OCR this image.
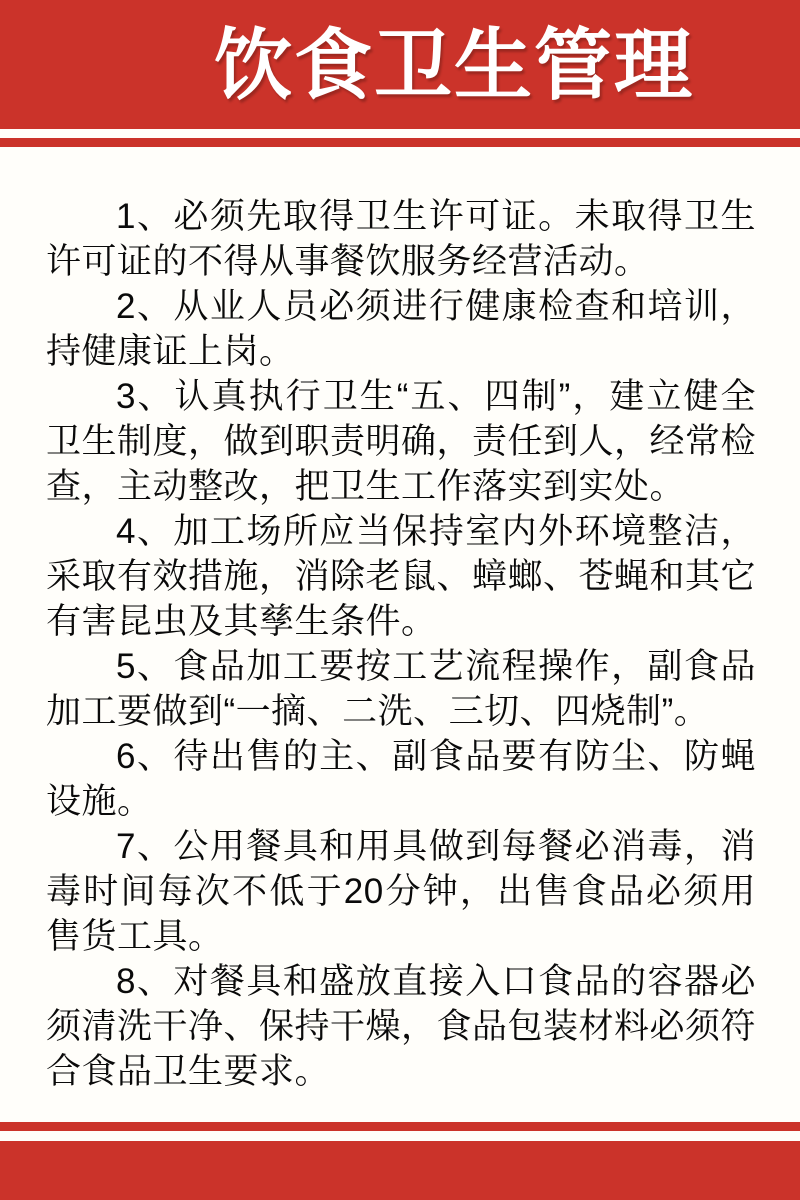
饮食卫生管理

1、必须先取得卫生许可证。未取得卫生许可证的不得从事餐饮服务经营活动。

2、从业人员必须进行健康检查和培训，持健康证上岗。

3、认真执行卫生“五、四制”，建立健全卫生制度，做到职责明确，责任到人，经常检查，主动整改，把卫生工作落实到实处。

4、加工场所应当保持室内外环境整洁，采取有效措施，消除老鼠、蟑螂、苍蝇和其它有害昆虫及其孳生条件。

5、食品加工要按工艺流程操作，副食品加工要做到“一摘、二洗、三切、四烧制”。

6、待出售的主、副食品要有防尘、防蝇设施。

7、公用餐具和用具做到每餐必消毒，消毒时间每次不低于20分钟，出售食品必须用售货工具。

8、对餐具和盛放直接入口食品的容器必须清洗干净、保持干燥，食品包装材料必须符合食品卫生要求。
